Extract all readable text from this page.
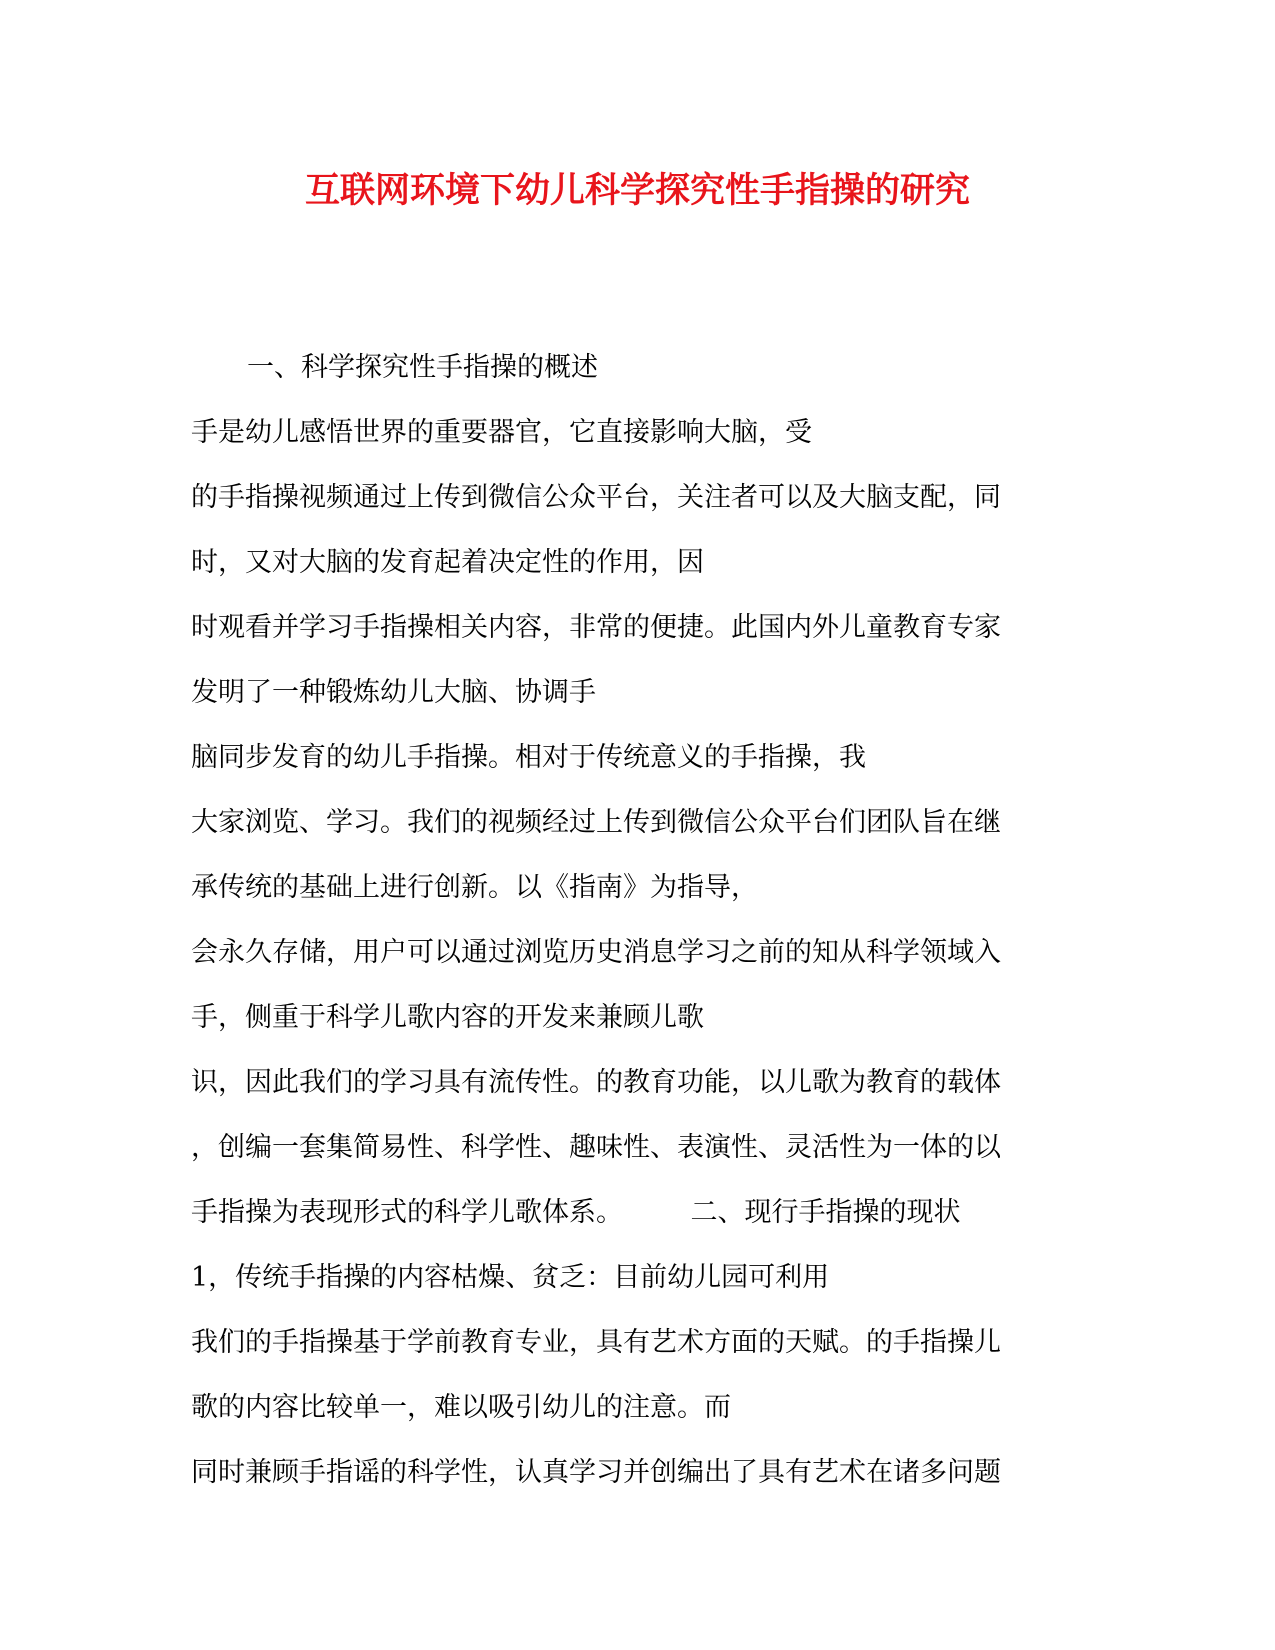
互联网环境下幼儿科学探究性手指操的研究
一、科学探究性手指操的概述
手是幼儿感悟世界的重要器官，它直接影响大脑，受
的手指操视频通过上传到微信公众平台，关注者可以及大脑支配，同
时，又对大脑的发育起着决定性的作用，因
时观看并学习手指操相关内容，非常的便捷。此国内外儿童教育专家
发明了一种锻炼幼儿大脑、协调手
脑同步发育的幼儿手指操。相对于传统意义的手指操，我
大家浏览、学习。我们的视频经过上传到微信公众平台们团队旨在继
承传统的基础上进行创新。以《指南》为指导，
会永久存储，用户可以通过浏览历史消息学习之前的知从科学领域入
手，侧重于科学儿歌内容的开发来兼顾儿歌
识，因此我们的学习具有流传性。的教育功能，以儿歌为教育的载体
，创编一套集简易性、科学性、趣味性、表演性、灵活性为一体的以
手指操为表现形式的科学儿歌体系。　　　二、现行手指操的现状
1，传统手指操的内容枯燥、贫乏：目前幼儿园可利用
我们的手指操基于学前教育专业，具有艺术方面的天赋。的手指操儿
歌的内容比较单一，难以吸引幼儿的注意。而
同时兼顾手指谣的科学性，认真学习并创编出了具有艺术在诸多问题
